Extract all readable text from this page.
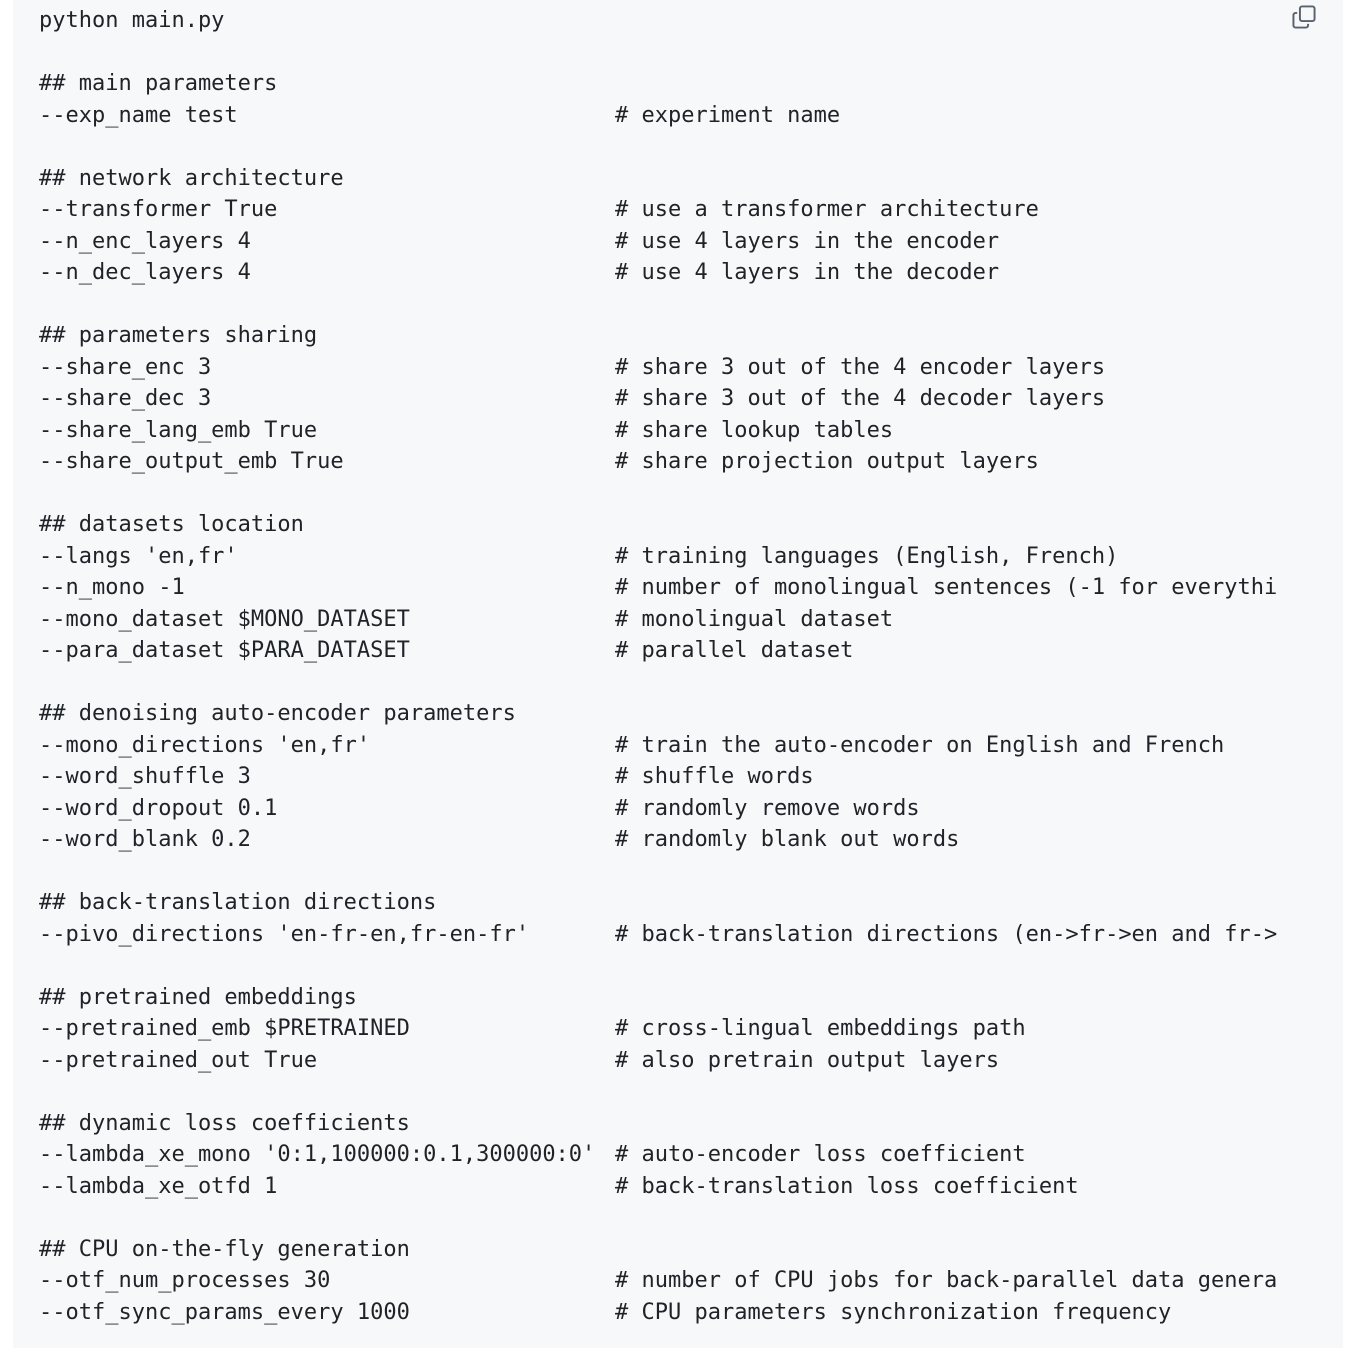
python main.py
## main parameters
--exp_name test	# experiment name
## network architecture
--transformer True	# use a transformer architecture
--n_enc_layers 4	# use 4 layers in the encoder
--n_dec_layers 4	# use 4 layers in the decoder
## parameters sharing
--share_enc 3	# share 3 out of the 4 encoder layers
--share_dec 3	# share 3 out of the 4 decoder layers
--share_lang_emb True	# share lookup tables
--share_output_emb True	# share projection output layers
## datasets location
--langs 'en,fr'	# training languages (English, French)
--n_mono -1	# number of monolingual sentences (-1 for everythi
--mono_dataset $MONO_DATASET	# monolingual dataset
--para_dataset $PARA_DATASET	# parallel dataset
## denoising auto-encoder parameters
--mono_directions 'en,fr'	# train the auto-encoder on English and French
--word_shuffle 3	# shuffle words
--word_dropout 0.1	# randomly remove words
--word_blank 0.2	# randomly blank out words
## back-translation directions
--pivo_directions 'en-fr-en,fr-en-fr'	# back-translation directions (en->fr->en and fr->
## pretrained embeddings
--pretrained_emb $PRETRAINED	# cross-lingual embeddings path
--pretrained_out True	# also pretrain output layers
## dynamic loss coefficients
--lambda_xe_mono '0:1,100000:0.1,300000:0' # auto-encoder loss coefficient
--lambda_xe_otfd 1	# back-translation loss coefficient
## CPU on-the-fly generation
--otf_num_processes 30	# number of CPU jobs for back-parallel data genera
--otf_sync_params_every 1000	# CPU parameters synchronization frequency
